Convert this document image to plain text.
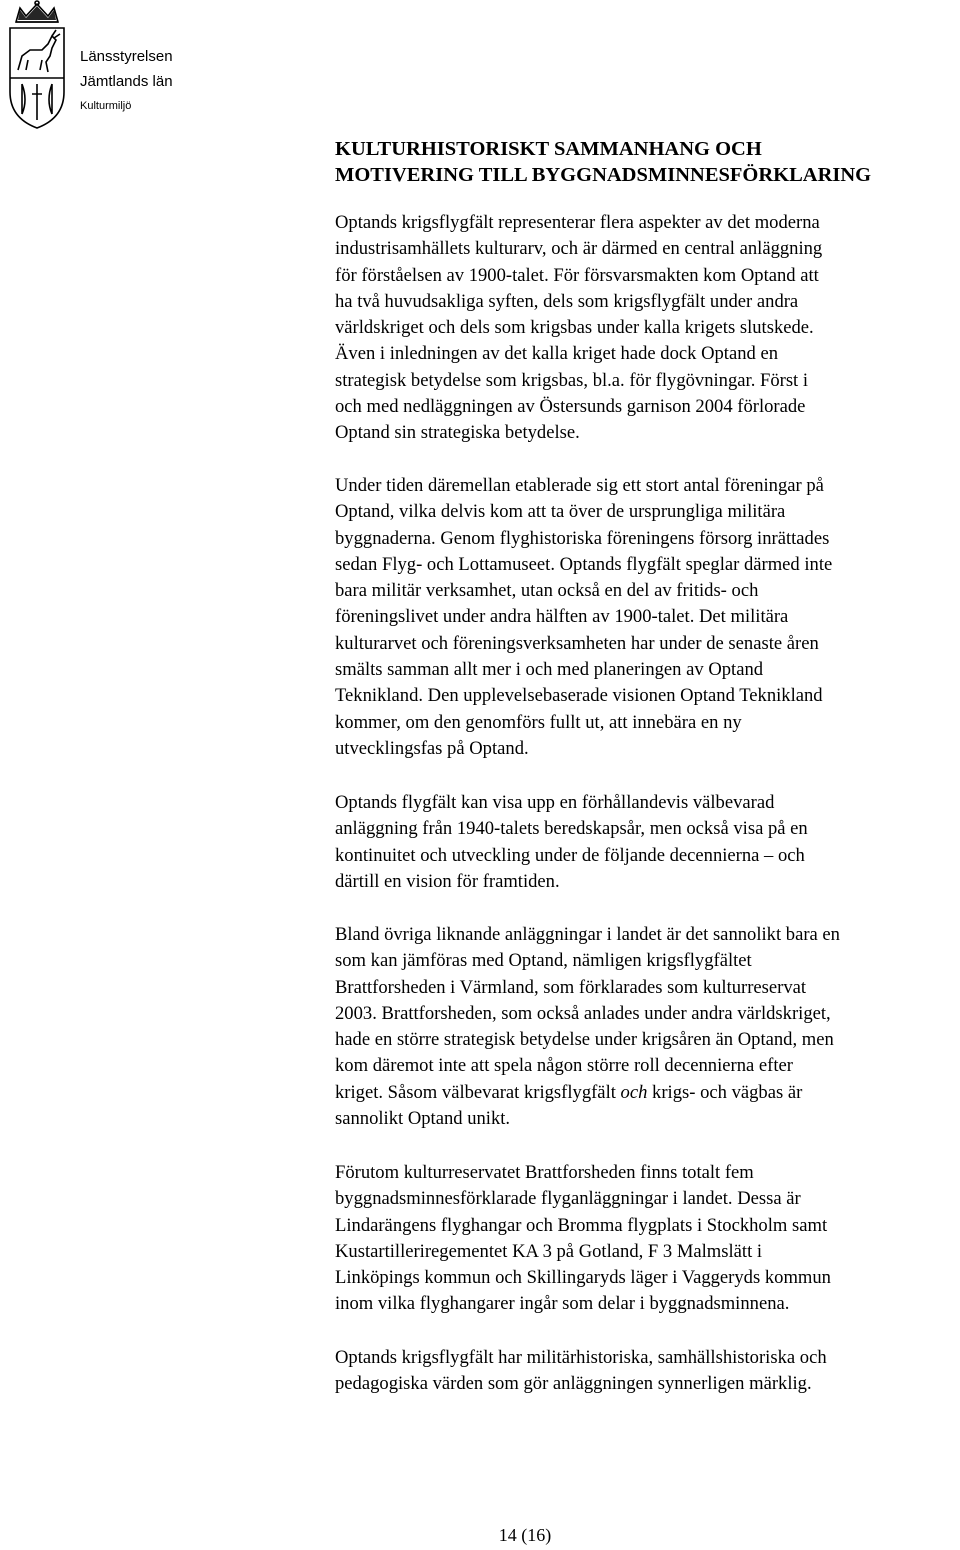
Länsstyrelsen
Jämtlands län
Kulturmiljö
KULTURHISTORISKT SAMMANHANG OCH
MOTIVERING TILL BYGGNADSMINNESFÖRKLARING

Optands krigsflygfält representerar flera aspekter av det moderna
industrisamhällets kulturarv, och är därmed en central anläggning
för förståelsen av 1900-talet. För försvarsmakten kom Optand att
ha två huvudsakliga syften, dels som krigsflygfält under andra
världskriget och dels som krigsbas under kalla krigets slutskede.
Även i inledningen av det kalla kriget hade dock Optand en
strategisk betydelse som krigsbas, bl.a. för flygövningar. Först i
och med nedläggningen av Östersunds garnison 2004 förlorade
Optand sin strategiska betydelse.

Under tiden däremellan etablerade sig ett stort antal föreningar på
Optand, vilka delvis kom att ta över de ursprungliga militära
byggnaderna. Genom flyghistoriska föreningens försorg inrättades
sedan Flyg- och Lottamuseet. Optands flygfält speglar därmed inte
bara militär verksamhet, utan också en del av fritids- och
föreningslivet under andra hälften av 1900-talet. Det militära
kulturarvet och föreningsverksamheten har under de senaste åren
smälts samman allt mer i och med planeringen av Optand
Teknikland. Den upplevelsebaserade visionen Optand Teknikland
kommer, om den genomförs fullt ut, att innebära en ny
utvecklingsfas på Optand.

Optands flygfält kan visa upp en förhållandevis välbevarad
anläggning från 1940-talets beredskapsår, men också visa på en
kontinuitet och utveckling under de följande decennierna – och
därtill en vision för framtiden.

Bland övriga liknande anläggningar i landet är det sannolikt bara en
som kan jämföras med Optand, nämligen krigsflygfältet
Brattforsheden i Värmland, som förklarades som kulturreservat
2003. Brattforsheden, som också anlades under andra världskriget,
hade en större strategisk betydelse under krigsåren än Optand, men
kom däremot inte att spela någon större roll decennierna efter
kriget. Såsom välbevarat krigsflygfält och krigs- och vägbas är
sannolikt Optand unikt.

Förutom kulturreservatet Brattforsheden finns totalt fem
byggnadsminnesförklarade flyganläggningar i landet. Dessa är
Lindarängens flyghangar och Bromma flygplats i Stockholm samt
Kustartilleriregementet KA 3 på Gotland, F 3 Malmslätt i
Linköpings kommun och Skillingaryds läger i Vaggeryds kommun
inom vilka flyghangarer ingår som delar i byggnadsminnena.

Optands krigsflygfält har militärhistoriska, samhällshistoriska och
pedagogiska värden som gör anläggningen synnerligen märklig.

14 (16)
